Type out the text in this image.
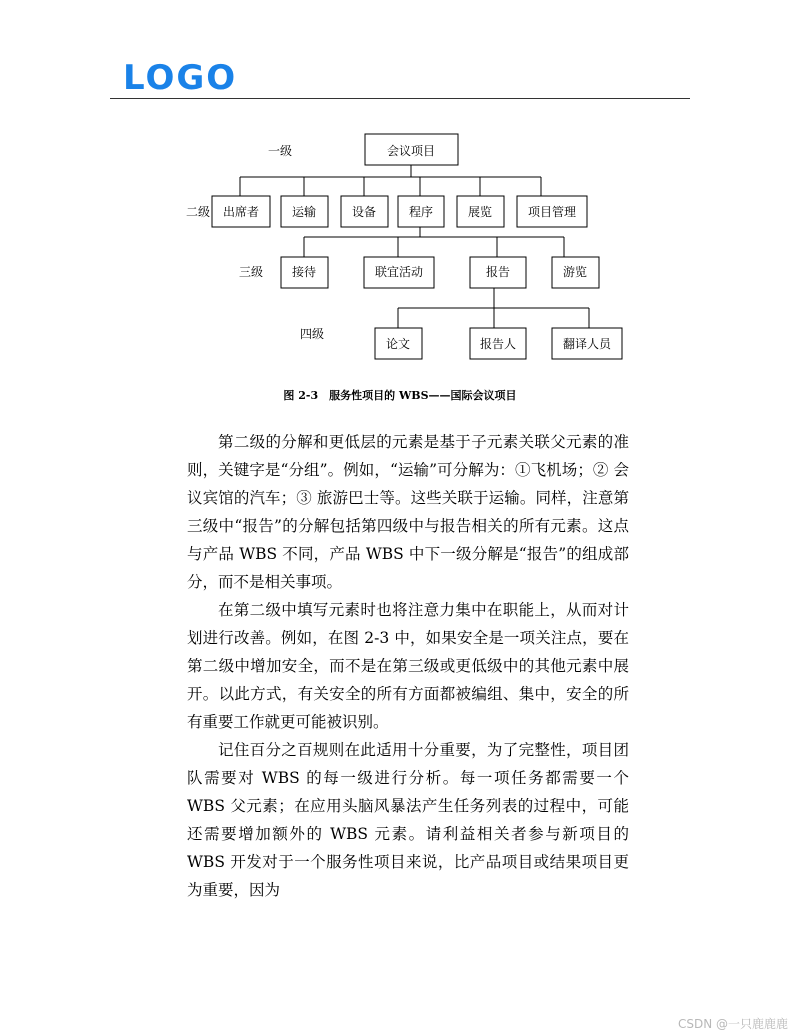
LOGO
一级
二级
三级
四级
会议项目
出席者	运输	设备	程序	展览	项目管理
接待	联宜活动	报告	游览
论文	报告人	翻译人员
图 2-3　服务性项目的 WBS——国际会议项目

第二级的分解和更低层的元素是基于子元素关联父元素的准则，关键字是“分组”。例如，“运输”可分解为：①飞机场；② 会议宾馆的汽车；③ 旅游巴士等。这些关联于运输。同样，注意第三级中“报告”的分解包括第四级中与报告相关的所有元素。这点与产品 WBS 不同，产品 WBS 中下一级分解是“报告”的组成部分，而不是相关事项。

在第二级中填写元素时也将注意力集中在职能上，从而对计划进行改善。例如，在图 2-3 中，如果安全是一项关注点，要在第二级中增加安全，而不是在第三级或更低级中的其他元素中展开。以此方式，有关安全的所有方面都被编组、集中，安全的所有重要工作就更可能被识别。

记住百分之百规则在此适用十分重要，为了完整性，项目团队需要对 WBS 的每一级进行分析。每一项任务都需要一个 WBS 父元素；在应用头脑风暴法产生任务列表的过程中，可能还需要增加额外的 WBS 元素。请利益相关者参与新项目的 WBS 开发对于一个服务性项目来说，比产品项目或结果项目更为重要，因为

CSDN @一只鹿鹿鹿
